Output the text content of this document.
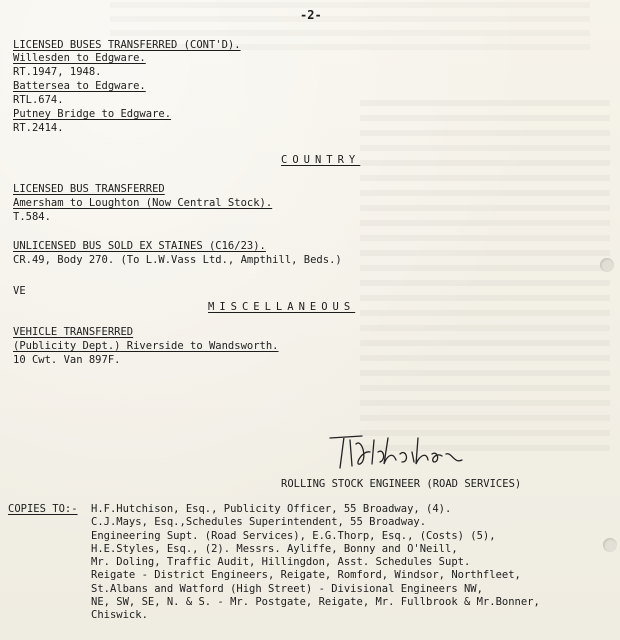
-2-
LICENSED BUSES TRANSFERRED (CONT'D).
Willesden to Edgware.
RT.1947, 1948.
Battersea to Edgware.
RTL.674.
Putney Bridge to Edgware.
RT.2414.
COUNTRY
LICENSED BUS TRANSFERRED
Amersham to Loughton (Now Central Stock).
T.584.
UNLICENSED BUS SOLD EX STAINES (C16/23).
CR.49, Body 270. (To L.W.Vass Ltd., Ampthill, Beds.)
VE
MISCELLANEOUS
VEHICLE TRANSFERRED
(Publicity Dept.) Riverside to Wandsworth.
10 Cwt. Van 897F.
ROLLING STOCK ENGINEER (ROAD SERVICES)
COPIES TO:- H.F.Hutchison, Esq., Publicity Officer, 55 Broadway, (4).
C.J.Mays, Esq.,Schedules Superintendent, 55 Broadway.
Engineering Supt. (Road Services), E.G.Thorp, Esq., (Costs) (5),
H.E.Styles, Esq., (2). Messrs. Ayliffe, Bonny and O'Neill,
Mr. Doling, Traffic Audit, Hillingdon, Asst. Schedules Supt.
Reigate - District Engineers, Reigate, Romford, Windsor, Northfleet,
St.Albans and Watford (High Street) - Divisional Engineers NW,
NE, SW, SE, N. & S. - Mr. Postgate, Reigate, Mr. Fullbrook & Mr.Bonner,
Chiswick.
